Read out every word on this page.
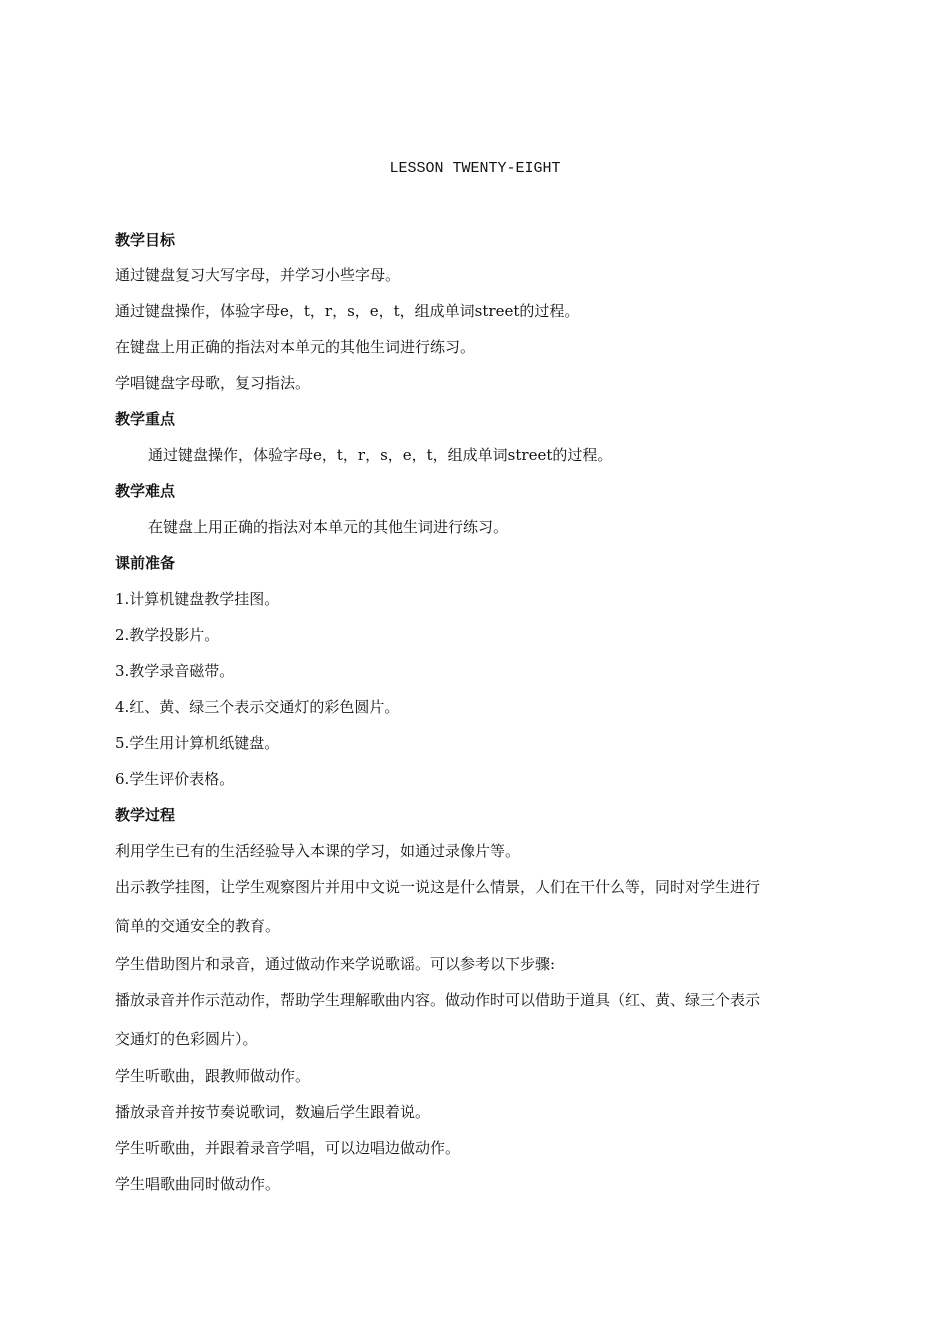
LESSON TWENTY-EIGHT
教学目标
通过键盘复习大写字母，并学习小些字母。
通过键盘操作，体验字母e，t，r，s，e，t，组成单词street的过程。
在键盘上用正确的指法对本单元的其他生词进行练习。
学唱键盘字母歌，复习指法。
教学重点
通过键盘操作，体验字母e，t，r，s，e，t，组成单词street的过程。
教学难点
在键盘上用正确的指法对本单元的其他生词进行练习。
课前准备
1.计算机键盘教学挂图。
2.教学投影片。
3.教学录音磁带。
4.红、黄、绿三个表示交通灯的彩色圆片。
5.学生用计算机纸键盘。
6.学生评价表格。
教学过程
利用学生已有的生活经验导入本课的学习，如通过录像片等。
出示教学挂图，让学生观察图片并用中文说一说这是什么情景，人们在干什么等，同时对学生进行
简单的交通安全的教育。
学生借助图片和录音，通过做动作来学说歌谣。可以参考以下步骤:
播放录音并作示范动作，帮助学生理解歌曲内容。做动作时可以借助于道具（红、黄、绿三个表示
交通灯的色彩圆片）。
学生听歌曲，跟教师做动作。
播放录音并按节奏说歌词，数遍后学生跟着说。
学生听歌曲，并跟着录音学唱，可以边唱边做动作。
学生唱歌曲同时做动作。
